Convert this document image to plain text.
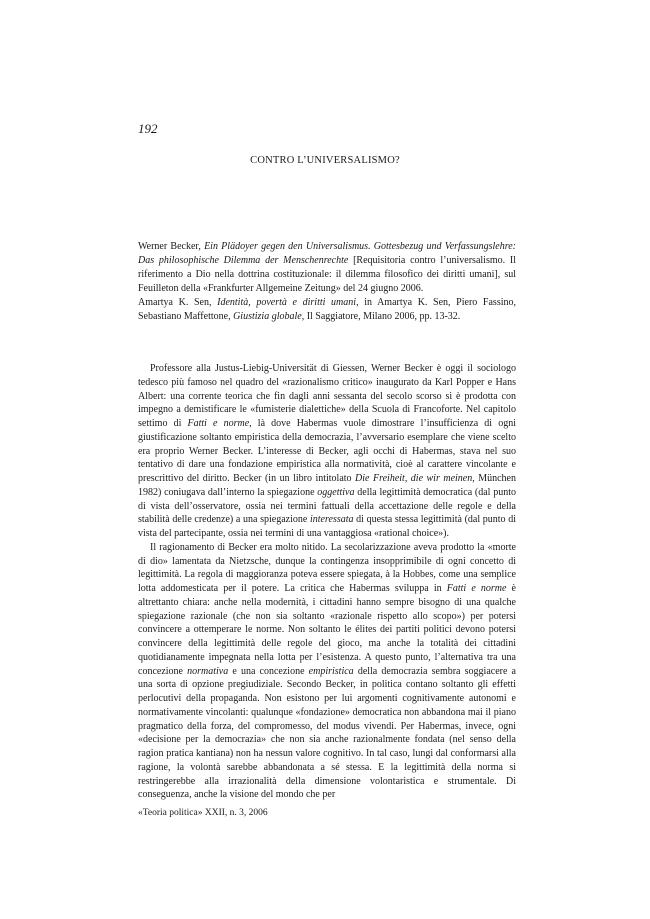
192
CONTRO L’UNIVERSALISMO?

Werner Becker, Ein Plädoyer gegen den Universalismus. Gottesbezug und Verfassungslehre: Das philosophische Dilemma der Menschenrechte [Requisitoria contro l’universalismo. Il riferimento a Dio nella dottrina costituzionale: il dilemma filosofico dei diritti umani], sul Feuilleton della «Frankfurter Allgemeine Zeitung» del 24 giugno 2006.

Amartya K. Sen, Identità, povertà e diritti umani, in Amartya K. Sen, Piero Fassino, Sebastiano Maffettone, Giustizia globale, Il Saggiatore, Milano 2006, pp. 13-32.

Professore alla Justus-Liebig-Universität di Giessen, Werner Becker è oggi il sociologo tedesco più famoso nel quadro del «razionalismo critico» inaugurato da Karl Popper e Hans Albert: una corrente teorica che fin dagli anni sessanta del secolo scorso si è prodotta con impegno a demistificare le «fumisterie dialettiche» della Scuola di Francoforte. Nel capitolo settimo di Fatti e norme, là dove Habermas vuole dimostrare l’insufficienza di ogni giustificazione soltanto empiristica della democrazia, l’avversario esemplare che viene scelto era proprio Werner Becker. L’interesse di Becker, agli occhi di Habermas, stava nel suo tentativo di dare una fondazione empiristica alla normatività, cioè al carattere vincolante e prescrittivo del diritto. Becker (in un libro intitolato Die Freiheit, die wir meinen, München 1982) coniugava dall’interno la spiegazione oggettiva della legittimità democratica (dal punto di vista dell’osservatore, ossia nei termini fattuali della accettazione delle regole e della stabilità delle credenze) a una spiegazione interessata di questa stessa legittimità (dal punto di vista del partecipante, ossia nei termini di una vantaggiosa «rational choice»).

Il ragionamento di Becker era molto nitido. La secolarizzazione aveva prodotto la «morte di dio» lamentata da Nietzsche, dunque la contingenza insopprimibile di ogni concetto di legittimità. La regola di maggioranza poteva essere spiegata, à la Hobbes, come una semplice lotta addomesticata per il potere. La critica che Habermas sviluppa in Fatti e norme è altrettanto chiara: anche nella modernità, i cittadini hanno sempre bisogno di una qualche spiegazione razionale (che non sia soltanto «razionale rispetto allo scopo») per potersi convincere a ottemperare le norme. Non soltanto le élites dei partiti politici devono potersi convincere della legittimità delle regole del gioco, ma anche la totalità dei cittadini quotidianamente impegnata nella lotta per l’esistenza. A questo punto, l’alternativa tra una concezione normativa e una concezione empiristica della democrazia sembra soggiacere a una sorta di opzione pregiudiziale. Secondo Becker, in politica contano soltanto gli effetti perlocutivi della propaganda. Non esistono per lui argomenti cognitivamente autonomi e normativamente vincolanti: qualunque «fondazione» democratica non abbandona mai il piano pragmatico della forza, del compromesso, del modus vivendi. Per Habermas, invece, ogni «decisione per la democrazia» che non sia anche razionalmente fondata (nel senso della ragion pratica kantiana) non ha nessun valore cognitivo. In tal caso, lungi dal conformarsi alla ragione, la volontà sarebbe abbandonata a sé stessa. E la legittimità della norma si restringerebbe alla irrazionalità della dimensione volontaristica e strumentale. Di conseguenza, anche la visione del mondo che per

«Teoria politica» XXII, n. 3, 2006
